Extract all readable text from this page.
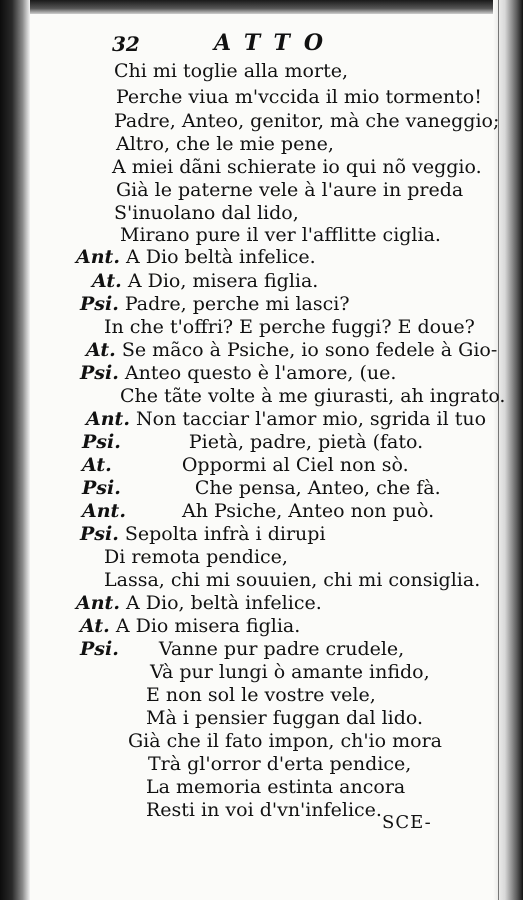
32	ATTO
Chi mi toglie alla morte,
Perche viua m'vccida il mio tormento!
Padre, Anteo, genitor, mà che vaneggio;
Altro, che le mie pene,
A miei dãni schierate io qui nõ veggio.
Già le paterne vele à l'aure in preda
S'inuolano dal lido,
Mirano pure il ver l'afflitte ciglia.
Ant. A Dio beltà infelice.
At. A Dio, misera figlia.
Psi. Padre, perche mi lasci?
In che t'offri? E perche fuggi? E doue?
At. Se mãco à Psiche, io sono fedele à Gio-
Psi. Anteo questo è l'amore, (ue.
Che tãte volte à me giurasti, ah ingrato.
Ant. Non tacciar l'amor mio, sgrida il tuo
Psi.	Pietà, padre, pietà (fato.
At.	Oppormi al Ciel non sò.
Psi.	Che pensa, Anteo, che fà.
Ant.	Ah Psiche, Anteo non può.
Psi. Sepolta infrà i dirupi
Di remota pendice,
Lassa, chi mi souuien, chi mi consiglia.
Ant. A Dio, beltà infelice.
At. A Dio misera figlia.
Psi. Vanne pur padre crudele,
Và pur lungi ò amante infido,
E non sol le vostre vele,
Mà i pensier fuggan dal lido.
Già che il fato impon, ch'io mora
Trà gl'orror d'erta pendice,
La memoria estinta ancora
Resti in voi d'vn'infelice.
SCE-
